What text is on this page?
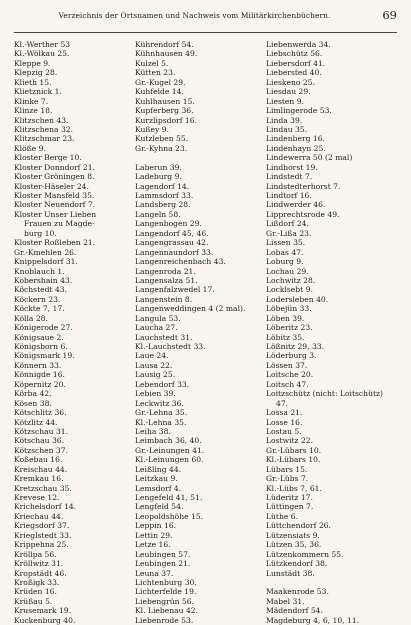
Verzeichnis der Ortsnamen und Nachweis vom Militärkirchenbüchern.	69
Kl.-Werther 53
Kl.-Wölkau 25.
Kleppe 9.
Klepzig 28.
Klieth 15.
Klietznick 1.
Klinke 7.
Klinze 18.
Klitzschen 43.
Klitzschena 32.
Klitzschmar 23.
Klöße 9.
Kloster Berge 10.
Kloster Donndorf 21.
Kloster Gröningen 8.
Kloster-Häseler 24.
Kloster Mansfeld 35.
Kloster Neuendorf 7.
Kloster Unser Lieben
Frauen zu Magde-
burg 10.
Kloster Roßleben 21.
Gr.-Kmehlen 26.
Knippelsdorf 31.
Knoblauch 1.
Kobershain 43.
Köchstedt 43.
Köckern 23.
Köckte 7, 17.
Kölla 28.
Königerode 27.
Königsaue 2.
Königsborn 6.
Königsmark 19.
Könnern 33.
Könnigde 16.
Köpernitz 20.
Körba 42.
Kösen 38.
Kötschlitz 36.
Kötzlitz 44.
Kötzschau 31.
Kötschau 36.
Kötzschen 37.
Koßebau 16.
Kreischau 44.
Kremkau 16.
Kretzschau 35.
Krevese 12.
Krichelsdorf 14.
Kriechau 44.
Kriegsdorf 37.
Krieglstedt 33.
Krippehna 25.
Kröllpa 56.
Kröllwitz 31.
Kropstädt 46.
Kroßigk 33.
Krüden 16.
Krüßau 5.
Krusemark 19.
Kuckenburg 40.
Kührendorf 54.
Kühnhausen 49.
Kulzel 5.
Kütten 23.
Gr.-Kugel 29.
Kuhfelde 14.
Kuhlhausen 15.
Kupferberg 36.
Kurzlipsdorf 16.
Kußey 9.
Kutzleben 55.
Gr.-Kyhna 23.
Laberun 39.
Ladeburg 9.
Lagendorf 14.
Lammsdorf 33.
Landsberg 28.
Langeln 58.
Langenbogen 29.
Langendorf 45, 46.
Langengrassau 42.
Langennaundorf 33.
Langenreichenbach 43.
Langenroda 21.
Langensalza 51.
Langenfalzwedel 17.
Langenstein 8.
Langenweddingen 4 (2 mal).
Langula 53.
Laucha 27.
Lauchstedt 31.
Kl.-Lauchstedt 33.
Laue 24.
Lausa 22.
Lausig 25.
Lebendorf 33.
Lebien 39.
Leckwitz 36.
Gr.-Lehna 35.
Kl.-Lehna 35.
Leiha 38.
Leimbach 36, 40.
Gr.-Leinungen 41.
Kl.-Leinungen 60.
Leißling 44.
Leitzkau 9.
Lemsdorf 4.
Lengefeld 41, 51.
Lengfeld 54.
Leopoldshöhe 15.
Leppin 16.
Lettin 29.
Letze 16.
Leubingen 57.
Leubingen 21.
Leuna 37.
Lichtenburg 30.
Lichterfelde 19.
Liebengrün 56.
Kl. Liebenau 42.
Liebenrode 53.
Liebenwerda 34.
Liebschütz 56.
Liebersdorf 41.
Liebersted 40.
Lieskeno 25.
Liesdau 29.
Liesten 9.
Limlingerode 53.
Linda 39.
Lindau 35.
Lindenberg 16.
Lindenhayn 25.
Lindewerra 50 (2 mal)
Lindhorst 19.
Lindstedt 7.
Lindstedterhorst 7.
Lindtorf 16.
Lindwerder 46.
Lipprechtsrode 49.
Lißdorf 24.
Gr.-Lißa 23.
Lissen 35.
Lobas 47.
Loburg 9.
Lochau 29.
Lochwitz 28.
Locklsebt 9.
Lodersleben 40.
Löbejün 33.
Löben 39.
Löberitz 23.
Löbitz 35.
Lößnitz 29, 33.
Löderburg 3.
Lössen 37.
Loitsche 20.
Loitsch 47.
Loitzschütz (nicht: Loitschütz)
47.
Lossa 21.
Losse 16.
Lostau 5.
Lostwitz 22.
Gr.-Lübars 10.
Kl.-Lübars 10.
Lübars 15.
Gr.-Lübs 7.
Kl.-Lübs 7, 61.
Lüderitz 17.
Lüttingen 7.
Lüthe 6.
Lüttchendorf 26.
Lützensiats 9.
Lützen 35, 36.
Lützenkommern 55.
Lützkendorf 38.
Lunstädt 38.
Maakenrode 53.
Mabel 31.
Mädendorf 54.
Magdeburg 4, 6, 10, 11.
